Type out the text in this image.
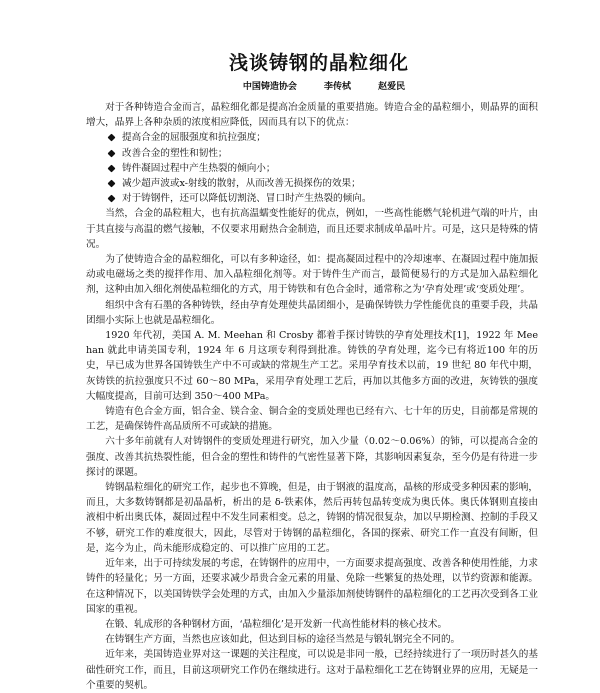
浅谈铸钢的晶粒细化
中国铸造协会	李传栻	赵爱民

对于各种铸造合金而言，晶粒细化都是提高冶金质量的重要措施。铸造合金的晶粒细小，则晶界的面积增大，晶界上各种杂质的浓度相应降低，因而具有以下的优点：

提高合金的屈服强度和抗拉强度；
改善合金的塑性和韧性；
铸件凝固过程中产生热裂的倾向小；
减少超声波或x-射线的散射，从而改善无损探伤的效果；
对于铸钢件，还可以降低切割浇、冒口时产生热裂的倾向。

当然，合金的晶粒粗大，也有抗高温蠕变性能好的优点，例如，一些高性能燃气轮机进气端的叶片，由于其直接与高温的燃气接触，不仅要求用耐热合金制造，而且还要求制成单晶叶片。可是，这只是特殊的情况。

为了使铸造合金的晶粒细化，可以有多种途径，如：提高凝固过程中的冷却速率、在凝固过程中施加振动或电磁场之类的搅拌作用、加入晶粒细化剂等。对于铸件生产而言，最简便易行的方式是加入晶粒细化剂，这种由加入细化剂使晶粒细化的方式，用于铸铁和有色合金时，通常称之为‘孕育处理’或‘变质处理’。

组织中含有石墨的各种铸铁，经由孕育处理使共晶团细小，是确保铸铁力学性能优良的重要手段，共晶团细小实际上也就是晶粒细化。

1920 年代初，美国 A. M. Meehan 和 Crosby 都着手探讨铸铁的孕育处理技术[1]，1922 年 Meehan 就此申请美国专利，1924 年 6 月这项专利得到批准。铸铁的孕育处理，迄今已有将近100 年的历史，早已成为世界各国铸铁生产中不可或缺的常规生产工艺。采用孕育技术以前，19 世纪 80 年代中期，灰铸铁的抗拉强度只不过 60～80 MPa，采用孕育处理工艺后，再加以其他多方面的改进，灰铸铁的强度大幅度提高，目前可达到 350～400 MPa。

铸造有色合金方面，铝合金、镁合金、铜合金的变质处理也已经有六、七十年的历史，目前都是常规的工艺，是确保铸件高品质所不可或缺的措施。

六十多年前就有人对铸钢件的变质处理进行研究，加入少量（0.02～0.06%）的铈，可以提高合金的强度、改善其抗热裂性能，但合金的塑性和铸件的气密性显著下降，其影响因素复杂，至今仍是有待进一步探讨的课题。

铸钢晶粒细化的研究工作，起步也不算晚，但是，由于钢液的温度高，晶核的形成受多种因素的影响，而且，大多数铸钢都是初晶晶析，析出的是 δ-铁素体，然后再转包晶转变成为奥氏体。奥氏体钢则直接由液相中析出奥氏体，凝固过程中不发生同素相变。总之，铸钢的情况很复杂，加以早期检测、控制的手段又不够，研究工作的难度很大，因此，尽管对于铸钢的晶粒细化，各国的探索、研究工作一直没有间断，但是，迄今为止，尚未能形成稳定的、可以推广应用的工艺。

近年来，出于可持续发展的考虑，在铸钢件的应用中，一方面要求提高强度、改善各种使用性能，力求铸件的轻量化；另一方面，还要求减少昂贵合金元素的用量、免除一些繁复的热处理，以节约资源和能源。在这种情况下，以美国铸铁学会处理的方式，由加入少量添加剂使铸钢件的晶粒细化的工艺再次受到各工业国家的重视。

在锻、轧成形的各种钢材方面，‘晶粒细化’是开发新一代高性能材料的核心技术。

在铸钢生产方面，当然也应该如此，但达到目标的途径当然是与锻轧钢完全不同的。

近年来，美国铸造业界对这一课题的关注程度，可以说是非同一般，已经持续进行了一项历时甚久的基础性研究工作，而且，目前这项研究工作仍在继续进行。这对于晶粒细化工艺在铸钢业界的应用，无疑是一个重要的契机。
